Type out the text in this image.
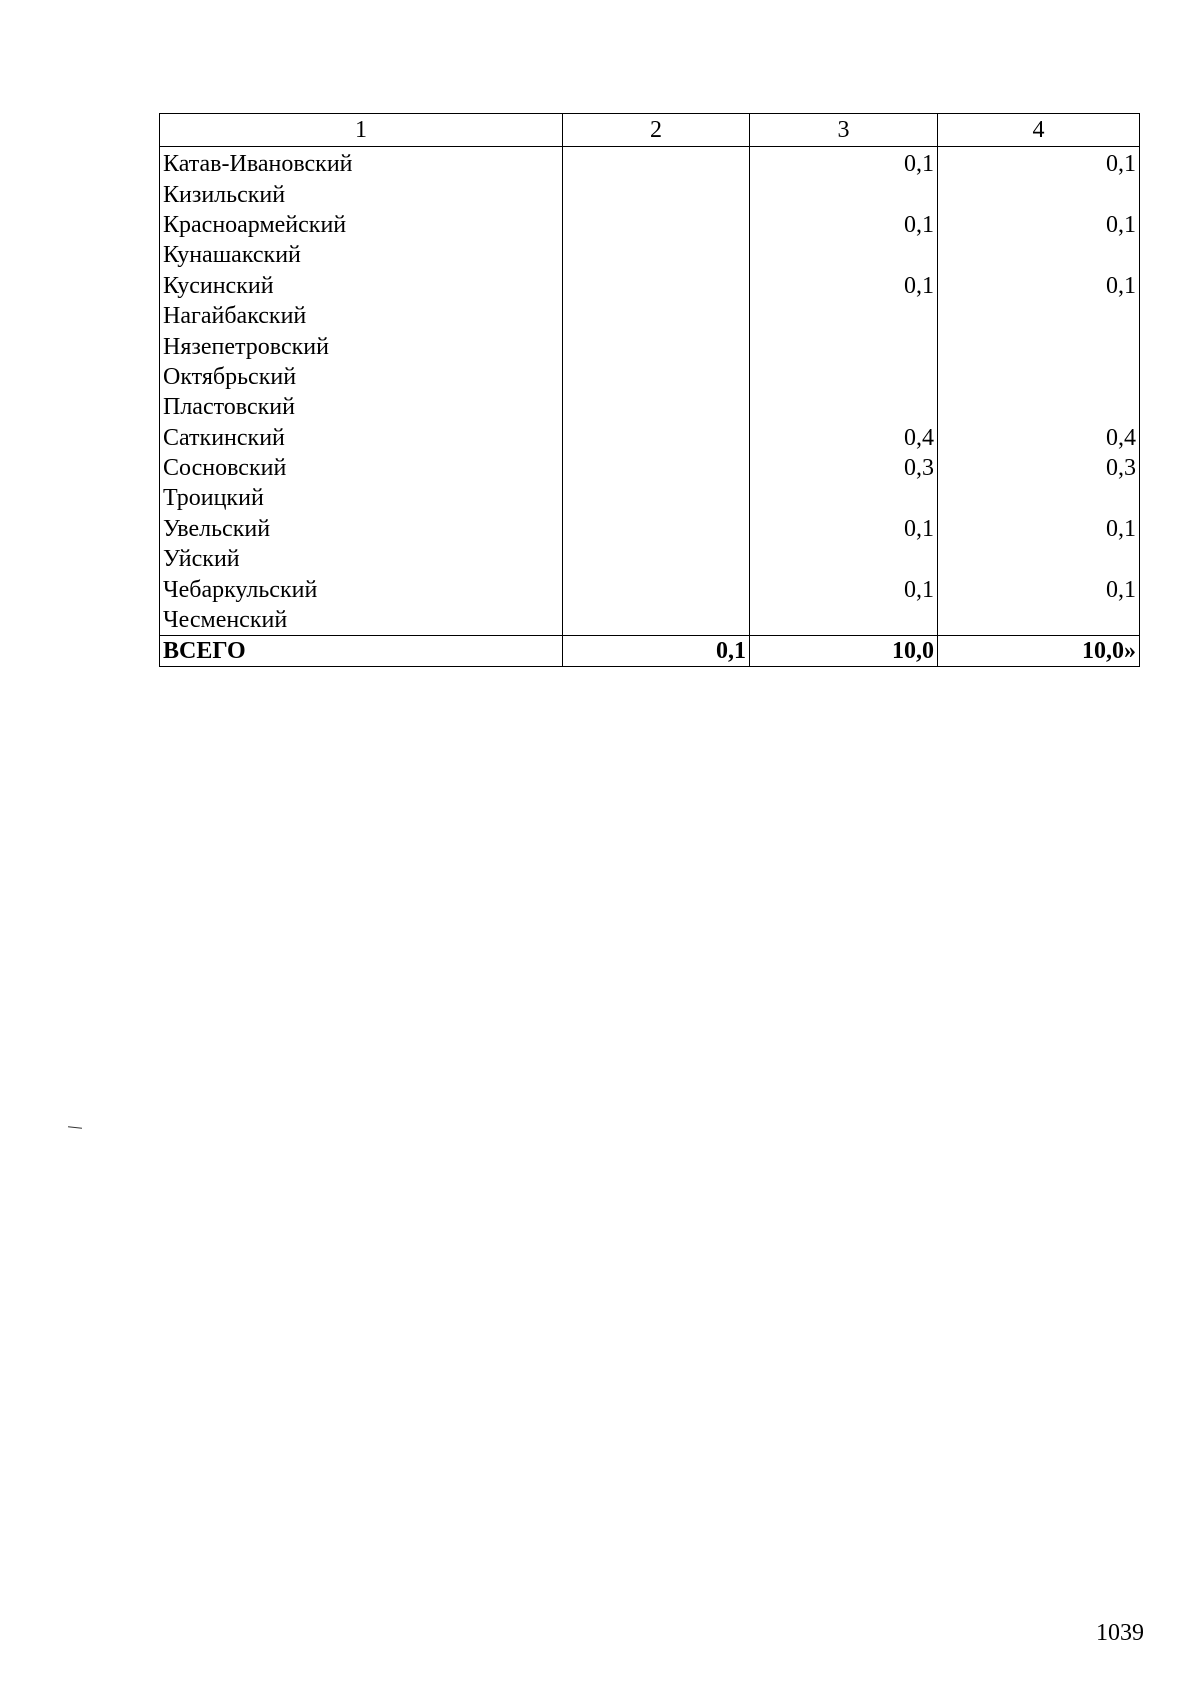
1	2	3	4
Катав-Ивановский		0,1	0,1
Кизильский			
Красноармейский		0,1	0,1
Кунашакский			
Кусинский		0,1	0,1
Нагайбакский			
Нязепетровский			
Октябрьский			
Пластовский			
Саткинский		0,4	0,4
Сосновский		0,3	0,3
Троицкий			
Увельский		0,1	0,1
Уйский			
Чебаркульский		0,1	0,1
Чесменский			
ВСЕГО	0,1	10,0	10,0»
1039
